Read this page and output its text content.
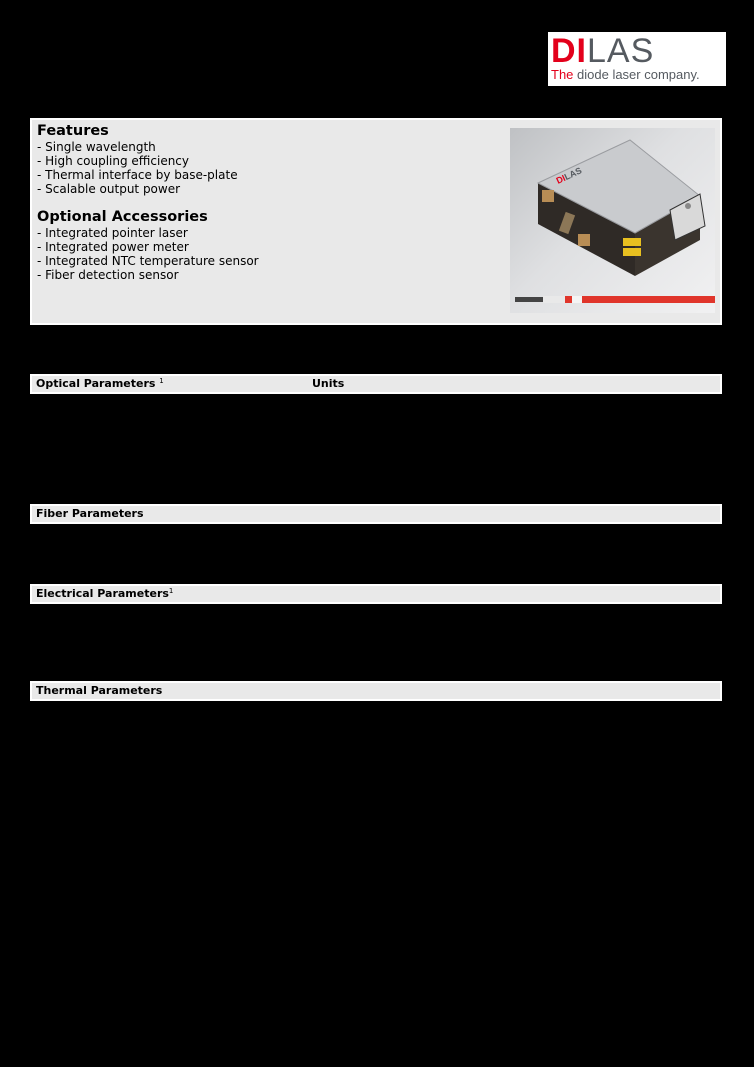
DILAS
The diode laser company.
Features
- Single wavelength
- High coupling efficiency
- Thermal interface by base-plate
- Scalable output power
Optional Accessories
- Integrated pointer laser
- Integrated power meter
- Integrated NTC temperature sensor
- Fiber detection sensor
DILAS
Optical Parameters $^1$	Units
Fiber Parameters
Electrical Parameters$^1$
Thermal Parameters
